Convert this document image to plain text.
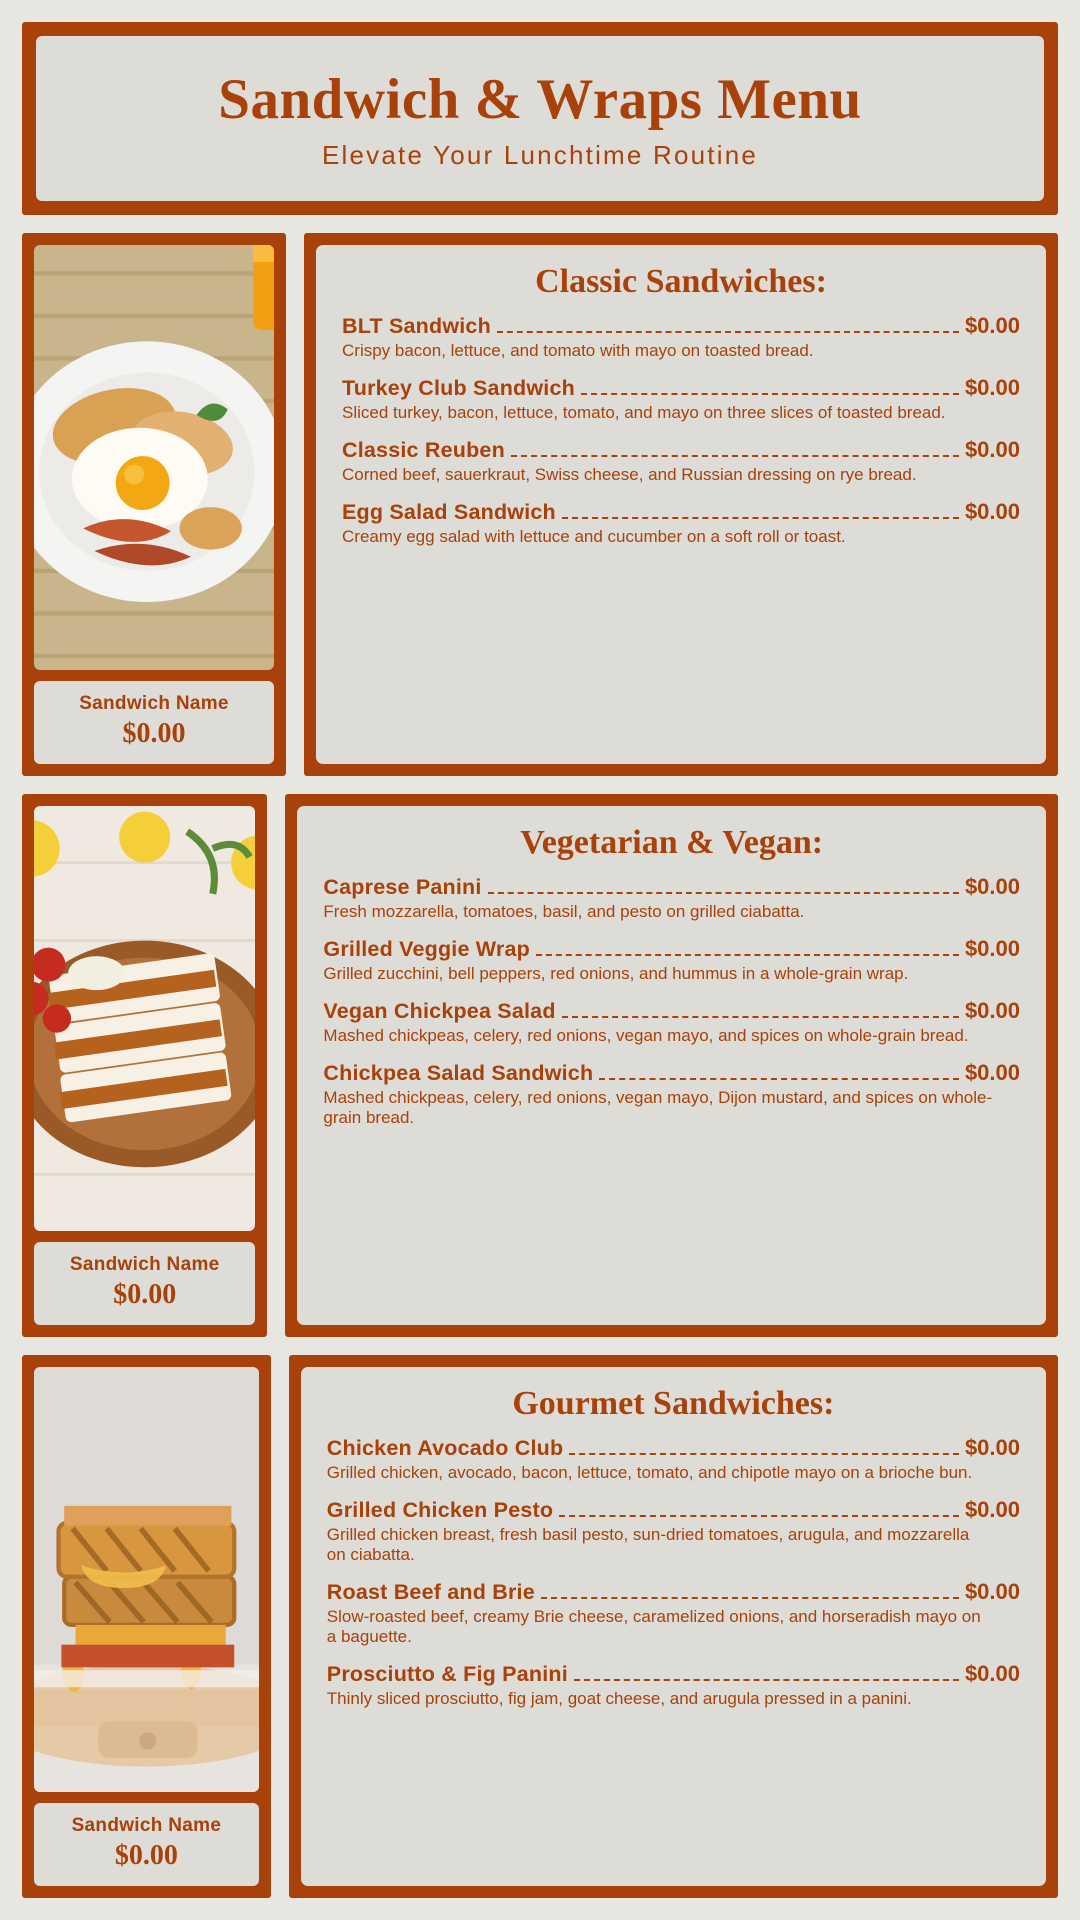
Sandwich & Wraps Menu
Elevate Your Lunchtime Routine
Sandwich Name
$0.00
Classic Sandwiches:
BLT Sandwich	$0.00
Crispy bacon, lettuce, and tomato with mayo on toasted bread.
Turkey Club Sandwich	$0.00
Sliced turkey, bacon, lettuce, tomato, and mayo on three slices of toasted bread.
Classic Reuben	$0.00
Corned beef, sauerkraut, Swiss cheese, and Russian dressing on rye bread.
Egg Salad Sandwich	$0.00
Creamy egg salad with lettuce and cucumber on a soft roll or toast.
Sandwich Name
$0.00
Vegetarian & Vegan:
Caprese Panini	$0.00
Fresh mozzarella, tomatoes, basil, and pesto on grilled ciabatta.
Grilled Veggie Wrap	$0.00
Grilled zucchini, bell peppers, red onions, and hummus in a whole-grain wrap.
Vegan Chickpea Salad	$0.00
Mashed chickpeas, celery, red onions, vegan mayo, and spices on whole-grain bread.
Chickpea Salad Sandwich	$0.00
Mashed chickpeas, celery, red onions, vegan mayo, Dijon mustard, and spices on whole-grain bread.
Sandwich Name
$0.00
Gourmet Sandwiches:
Chicken Avocado Club	$0.00
Grilled chicken, avocado, bacon, lettuce, tomato, and chipotle mayo on a brioche bun.
Grilled Chicken Pesto	$0.00
Grilled chicken breast, fresh basil pesto, sun-dried tomatoes, arugula, and mozzarella on ciabatta.
Roast Beef and Brie	$0.00
Slow-roasted beef, creamy Brie cheese, caramelized onions, and horseradish mayo on a baguette.
Prosciutto & Fig Panini	$0.00
Thinly sliced prosciutto, fig jam, goat cheese, and arugula pressed in a panini.
